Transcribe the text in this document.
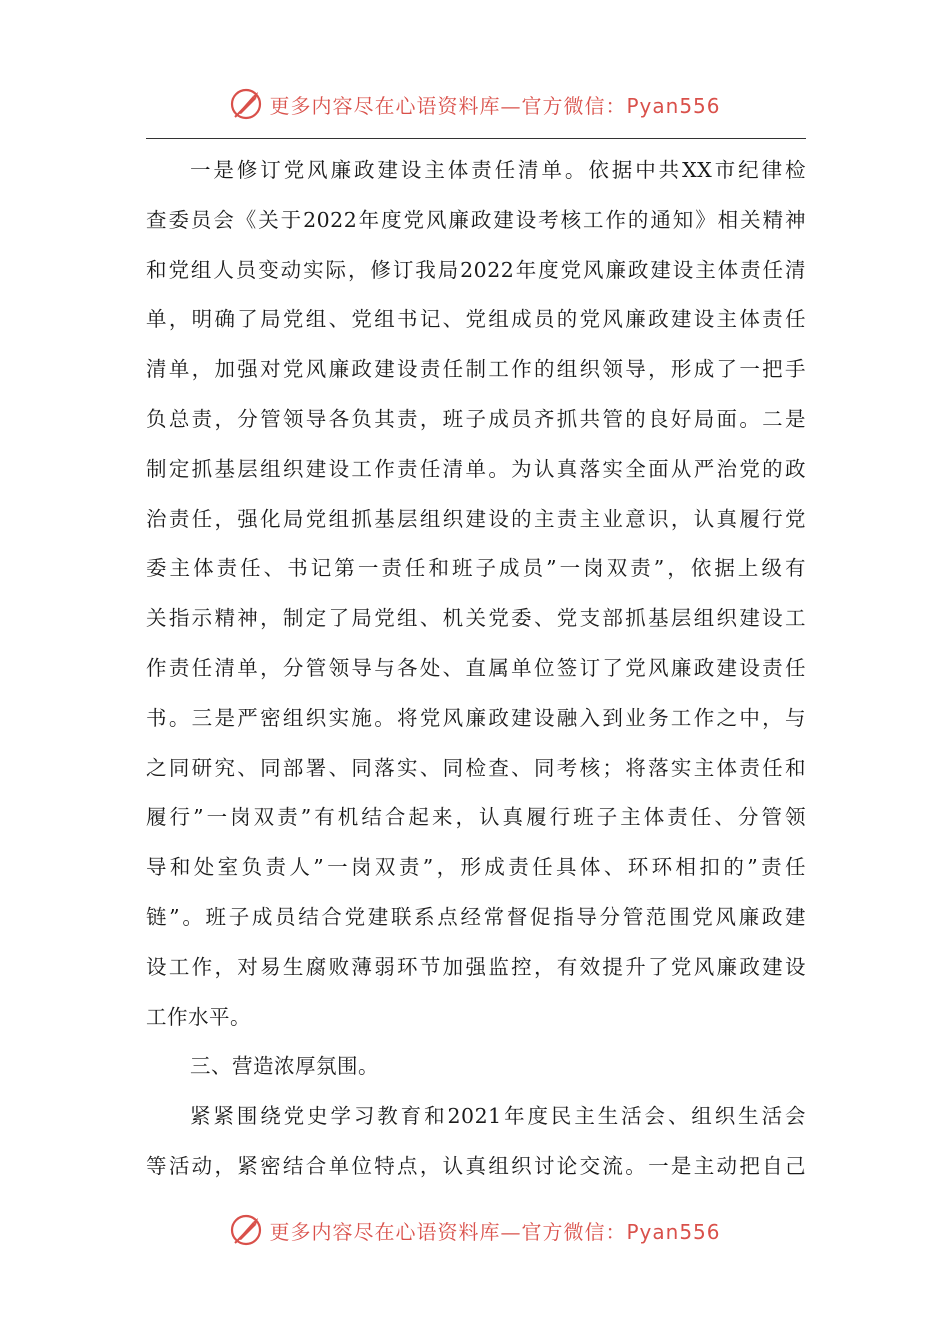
更多内容尽在心语资料库—官方微信：Pyan556
一是修订党风廉政建设主体责任清单。依据中共XX市纪律检
查委员会《关于2022年度党风廉政建设考核工作的通知》相关精神
和党组人员变动实际，修订我局2022年度党风廉政建设主体责任清
单，明确了局党组、党组书记、党组成员的党风廉政建设主体责任
清单，加强对党风廉政建设责任制工作的组织领导，形成了一把手
负总责，分管领导各负其责，班子成员齐抓共管的良好局面。二是
制定抓基层组织建设工作责任清单。为认真落实全面从严治党的政
治责任，强化局党组抓基层组织建设的主责主业意识，认真履行党
委主体责任、书记第一责任和班子成员”一岗双责”，依据上级有
关指示精神，制定了局党组、机关党委、党支部抓基层组织建设工
作责任清单，分管领导与各处、直属单位签订了党风廉政建设责任
书。三是严密组织实施。将党风廉政建设融入到业务工作之中，与
之同研究、同部署、同落实、同检查、同考核；将落实主体责任和
履行”一岗双责”有机结合起来，认真履行班子主体责任、分管领
导和处室负责人”一岗双责”，形成责任具体、环环相扣的”责任
链”。班子成员结合党建联系点经常督促指导分管范围党风廉政建
设工作，对易生腐败薄弱环节加强监控，有效提升了党风廉政建设
工作水平。
三、营造浓厚氛围。
紧紧围绕党史学习教育和2021年度民主生活会、组织生活会
等活动，紧密结合单位特点，认真组织讨论交流。一是主动把自己
更多内容尽在心语资料库—官方微信：Pyan556
